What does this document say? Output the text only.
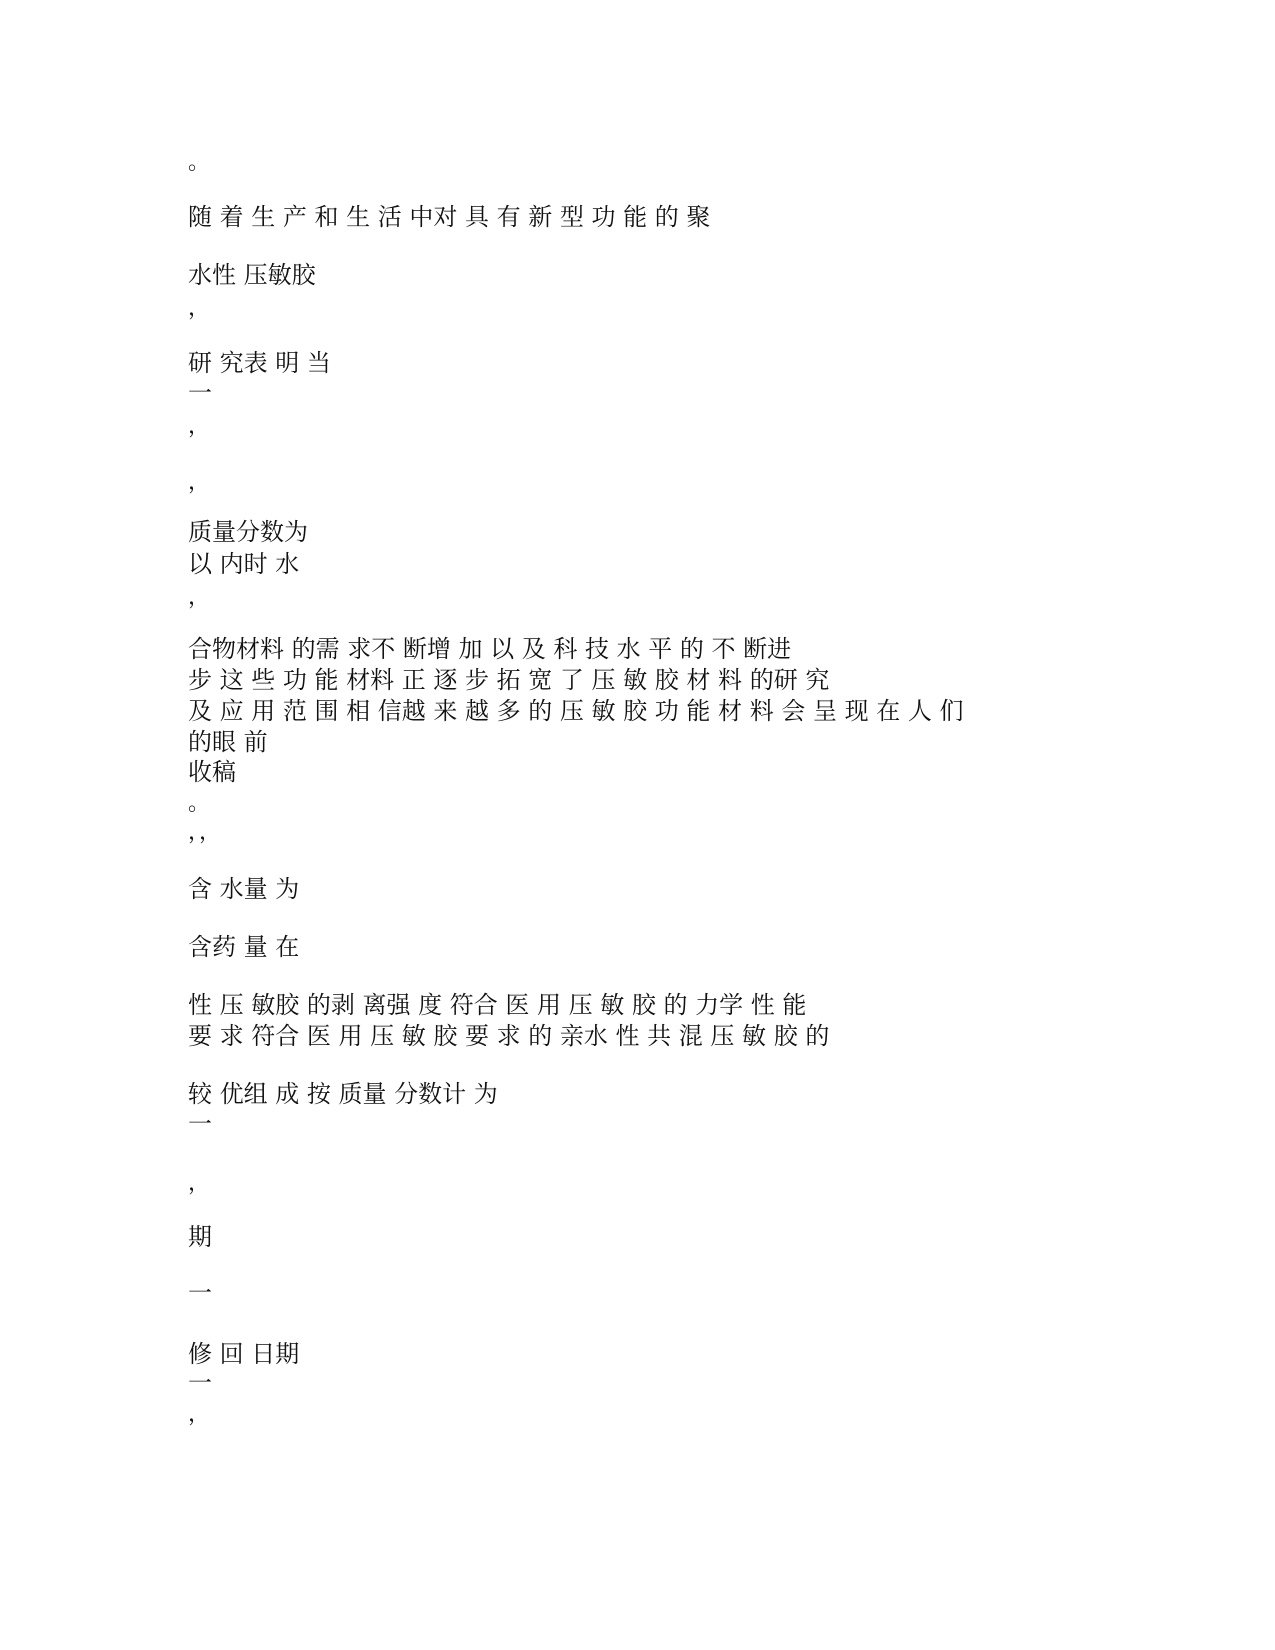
。
随 着 生 产 和 生 活 中对 具 有 新 型 功 能 的 聚
水性 压敏胶
，
研 究表 明 当
一
，
，
质量分数为
以 内时 水
，
合物材料 的需 求不 断增 加 以 及 科 技 水 平 的 不 断进
步 这 些 功 能 材料 正 逐 步 拓 宽 了 压 敏 胶 材 料 的研 究
及 应 用 范 围 相 信越 来 越 多 的 压 敏 胶 功 能 材 料 会 呈 现 在 人 们
的眼 前
收稿
。
，，
含 水量 为
含药 量 在
性 压 敏胶 的剥 离强 度 符合 医 用 压 敏 胶 的 力学 性 能
要 求 符合 医 用 压 敏 胶 要 求 的 亲水 性 共 混 压 敏 胶 的
较 优组 成 按 质量 分数计 为
一
，
期
一
修 回 日期
一
，
